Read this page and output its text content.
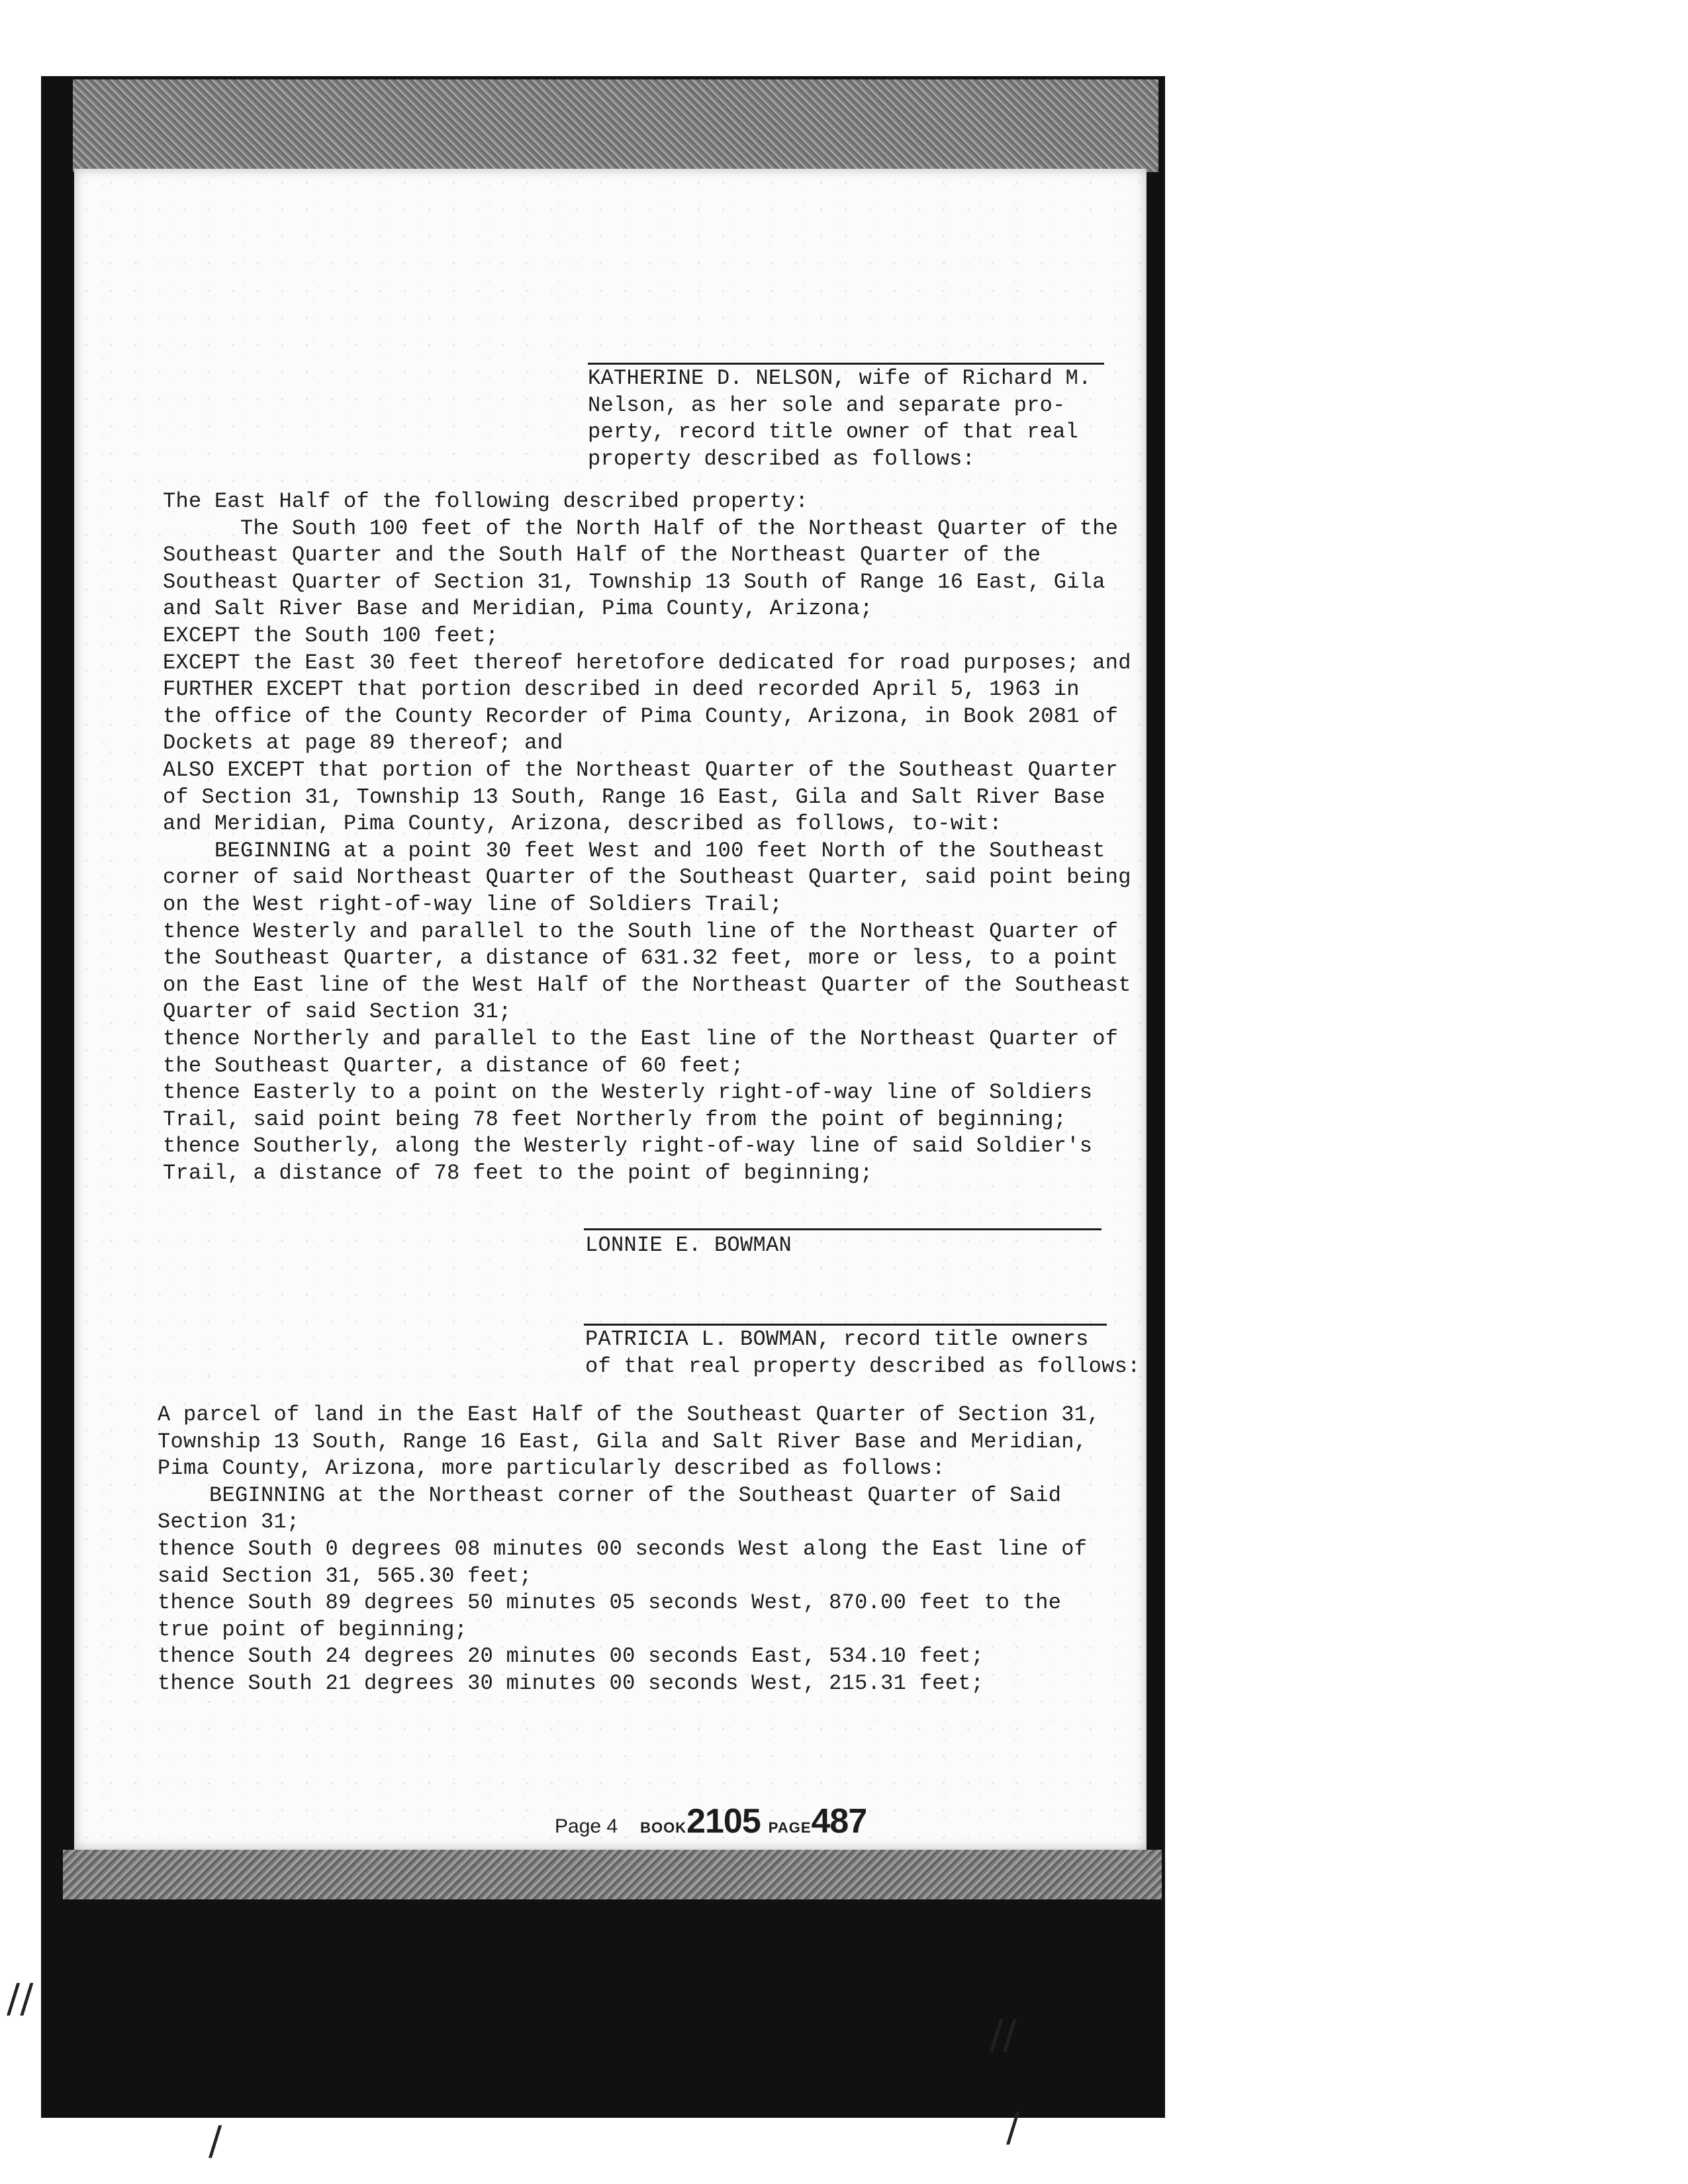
KATHERINE D. NELSON, wife of Richard M.
Nelson, as her sole and separate pro-
perty, record title owner of that real
property described as follows:
The East Half of the following described property:
The South 100 feet of the North Half of the Northeast Quarter of the
Southeast Quarter and the South Half of the Northeast Quarter of the
Southeast Quarter of Section 31, Township 13 South of Range 16 East, Gila
and Salt River Base and Meridian, Pima County, Arizona;
EXCEPT the South 100 feet;
EXCEPT the East 30 feet thereof heretofore dedicated for road purposes; and
FURTHER EXCEPT that portion described in deed recorded April 5, 1963 in
the office of the County Recorder of Pima County, Arizona, in Book 2081 of
Dockets at page 89 thereof; and
ALSO EXCEPT that portion of the Northeast Quarter of the Southeast Quarter
of Section 31, Township 13 South, Range 16 East, Gila and Salt River Base
and Meridian, Pima County, Arizona, described as follows, to-wit:
BEGINNING at a point 30 feet West and 100 feet North of the Southeast
corner of said Northeast Quarter of the Southeast Quarter, said point being
on the West right-of-way line of Soldiers Trail;
thence Westerly and parallel to the South line of the Northeast Quarter of
the Southeast Quarter, a distance of 631.32 feet, more or less, to a point
on the East line of the West Half of the Northeast Quarter of the Southeast
Quarter of said Section 31;
thence Northerly and parallel to the East line of the Northeast Quarter of
the Southeast Quarter, a distance of 60 feet;
thence Easterly to a point on the Westerly right-of-way line of Soldiers
Trail, said point being 78 feet Northerly from the point of beginning;
thence Southerly, along the Westerly right-of-way line of said Soldier's
Trail, a distance of 78 feet to the point of beginning;
LONNIE E. BOWMAN
PATRICIA L. BOWMAN, record title owners
of that real property described as follows:
A parcel of land in the East Half of the Southeast Quarter of Section 31,
Township 13 South, Range 16 East, Gila and Salt River Base and Meridian,
Pima County, Arizona, more particularly described as follows:
BEGINNING at the Northeast corner of the Southeast Quarter of Said
Section 31;
thence South 0 degrees 08 minutes 00 seconds West along the East line of
said Section 31, 565.30 feet;
thence South 89 degrees 50 minutes 05 seconds West, 870.00 feet to the
true point of beginning;
thence South 24 degrees 20 minutes 00 seconds East, 534.10 feet;
thence South 21 degrees 30 minutes 00 seconds West, 215.31 feet;
Page 4 BOOK2105 PAGE487
//
/
//
/
